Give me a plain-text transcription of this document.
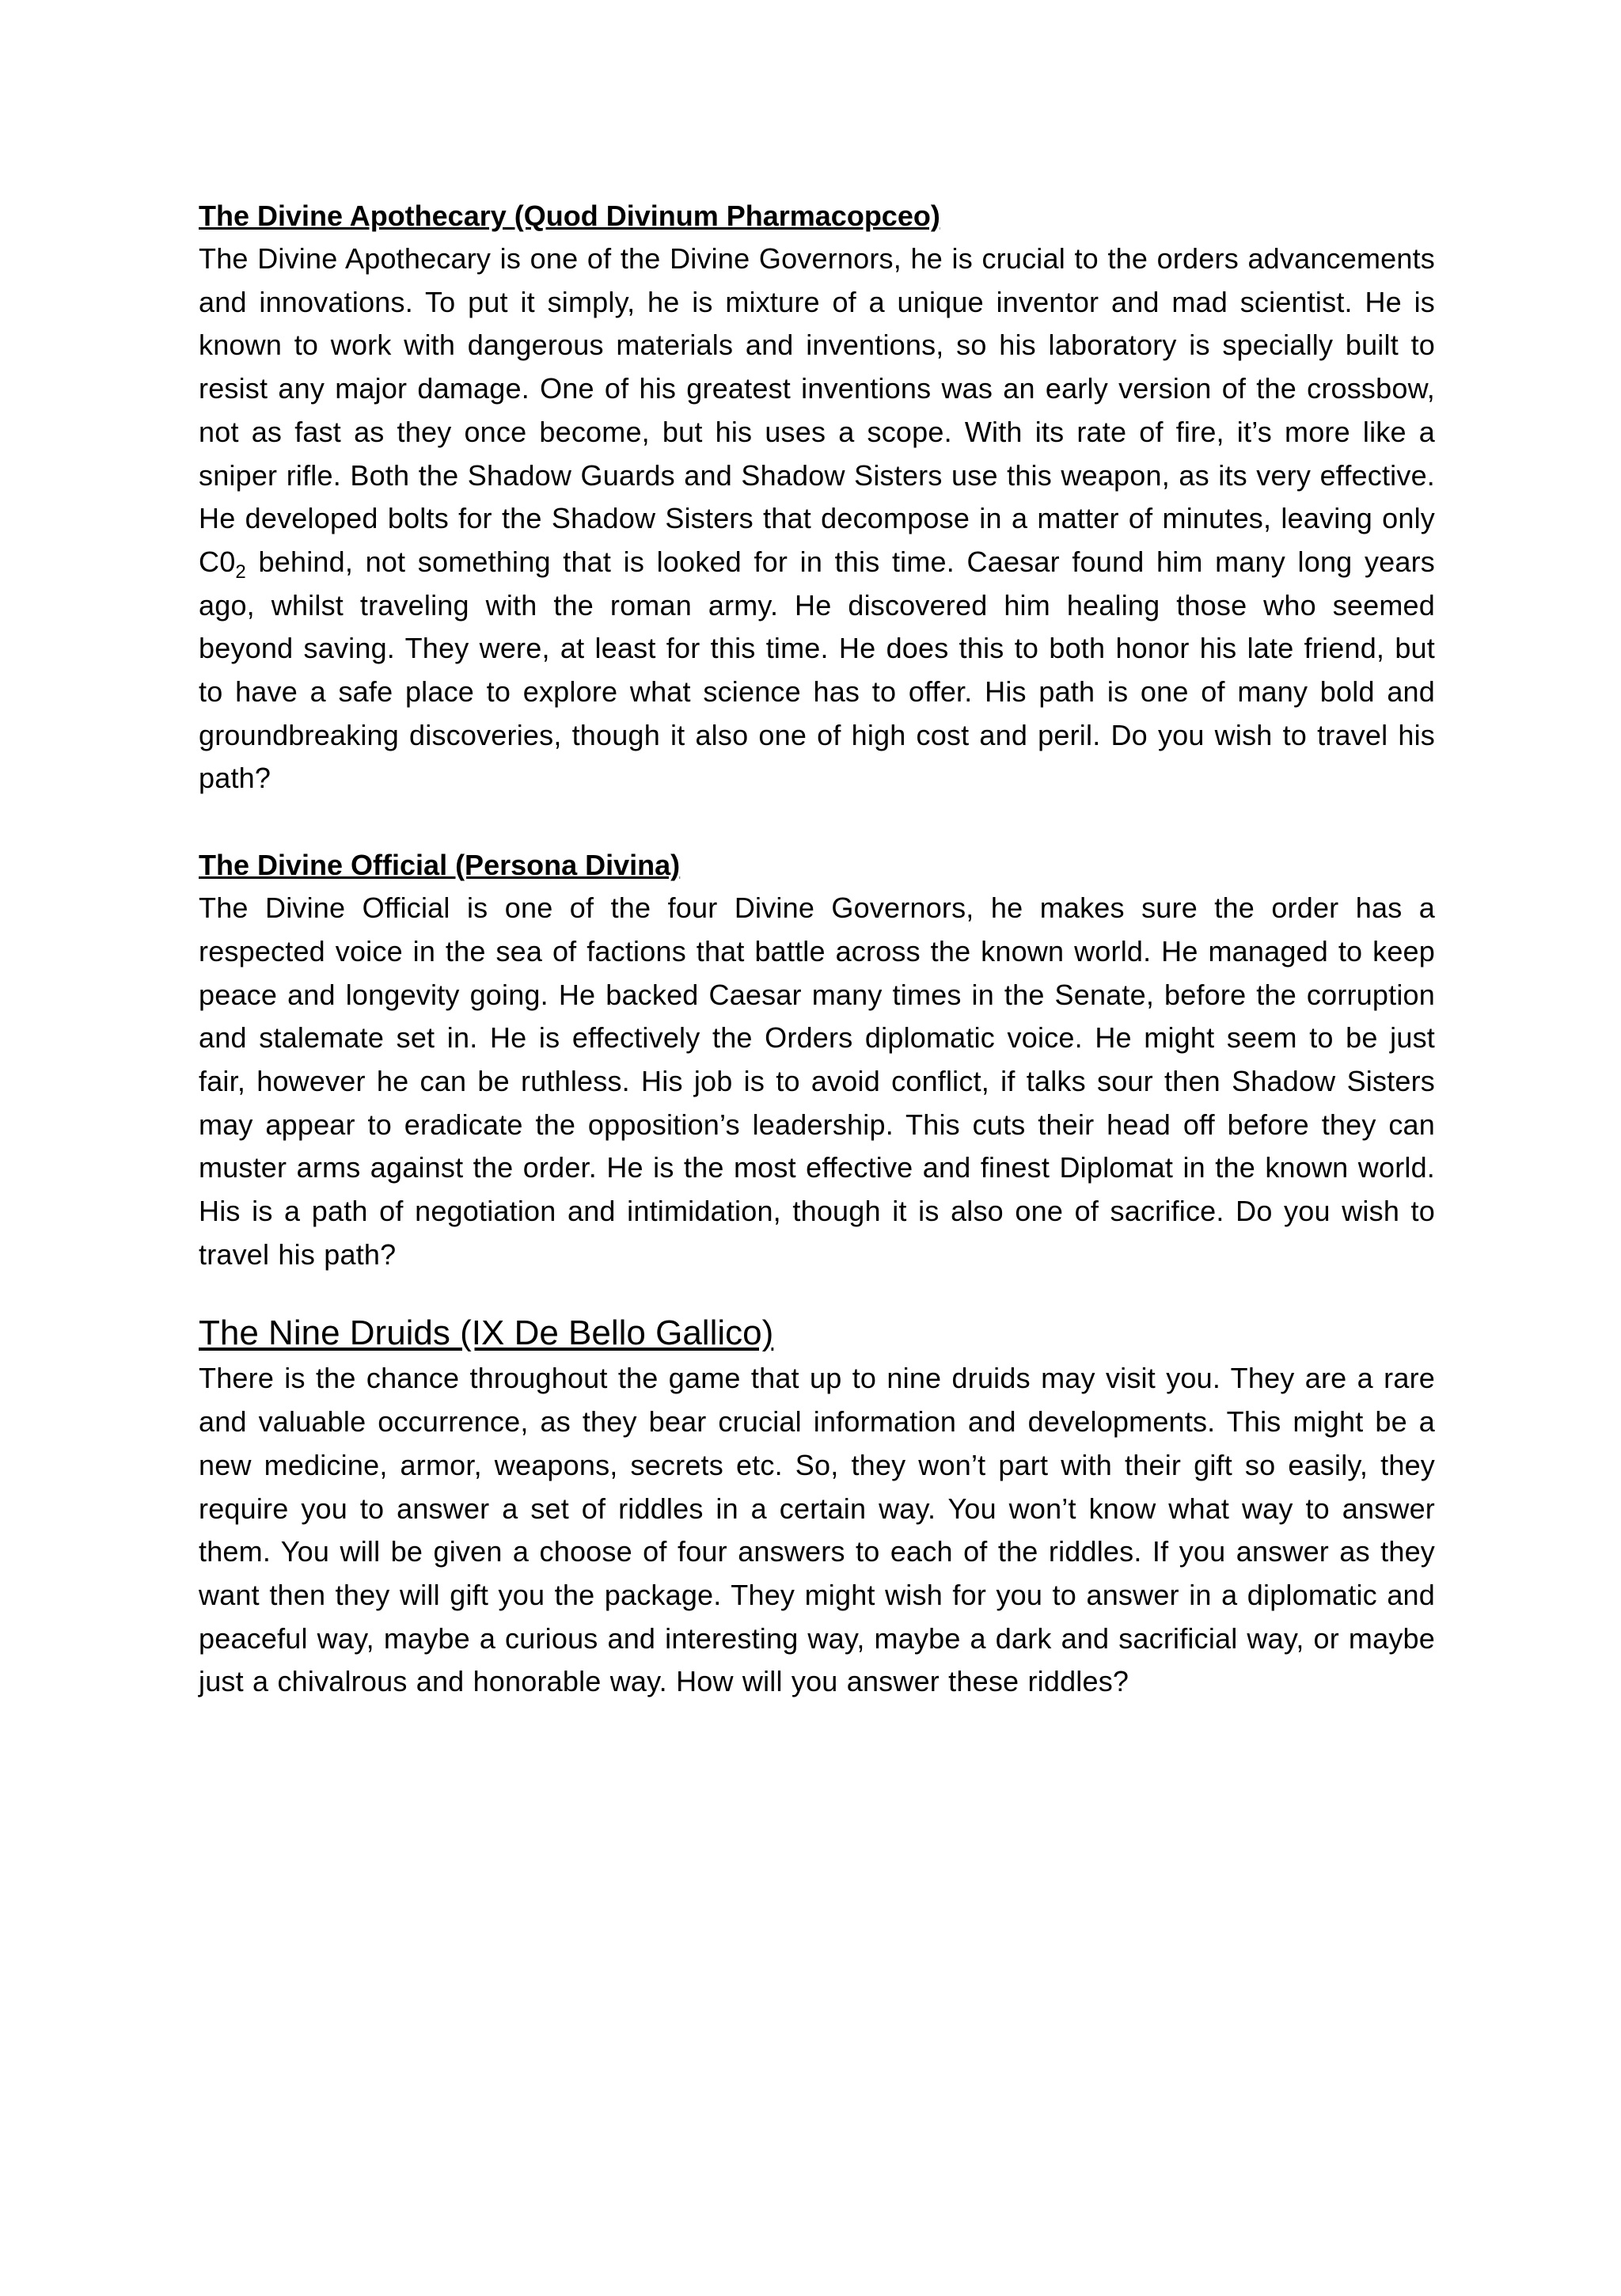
The Divine Apothecary (Quod Divinum Pharmacopceo)

The Divine Apothecary is one of the Divine Governors, he is crucial to the orders advancements and innovations. To put it simply, he is mixture of a unique inventor and mad scientist. He is known to work with dangerous materials and inventions, so his laboratory is specially built to resist any major damage. One of his greatest inventions was an early version of the crossbow, not as fast as they once become, but his uses a scope. With its rate of fire, it’s more like a sniper rifle. Both the Shadow Guards and Shadow Sisters use this weapon, as its very effective. He developed bolts for the Shadow Sisters that decompose in a matter of minutes, leaving only $C0_2$ behind, not something that is looked for in this time. Caesar found him many long years ago, whilst traveling with the roman army. He discovered him healing those who seemed beyond saving. They were, at least for this time. He does this to both honor his late friend, but to have a safe place to explore what science has to offer. His path is one of many bold and groundbreaking discoveries, though it also one of high cost and peril. Do you wish to travel his path?

The Divine Official (Persona Divina)

The Divine Official is one of the four Divine Governors, he makes sure the order has a respected voice in the sea of factions that battle across the known world. He managed to keep peace and longevity going. He backed Caesar many times in the Senate, before the corruption and stalemate set in. He is effectively the Orders diplomatic voice. He might seem to be just fair, however he can be ruthless. His job is to avoid conflict, if talks sour then Shadow Sisters may appear to eradicate the opposition’s leadership. This cuts their head off before they can muster arms against the order. He is the most effective and finest Diplomat in the known world. His is a path of negotiation and intimidation, though it is also one of sacrifice. Do you wish to travel his path?

The Nine Druids (IX De Bello Gallico)

There is the chance throughout the game that up to nine druids may visit you. They are a rare and valuable occurrence, as they bear crucial information and developments. This might be a new medicine, armor, weapons, secrets etc. So, they won’t part with their gift so easily, they require you to answer a set of riddles in a certain way. You won’t know what way to answer them. You will be given a choose of four answers to each of the riddles. If you answer as they want then they will gift you the package. They might wish for you to answer in a diplomatic and peaceful way, maybe a curious and interesting way, maybe a dark and sacrificial way, or maybe just a chivalrous and honorable way. How will you answer these riddles?
